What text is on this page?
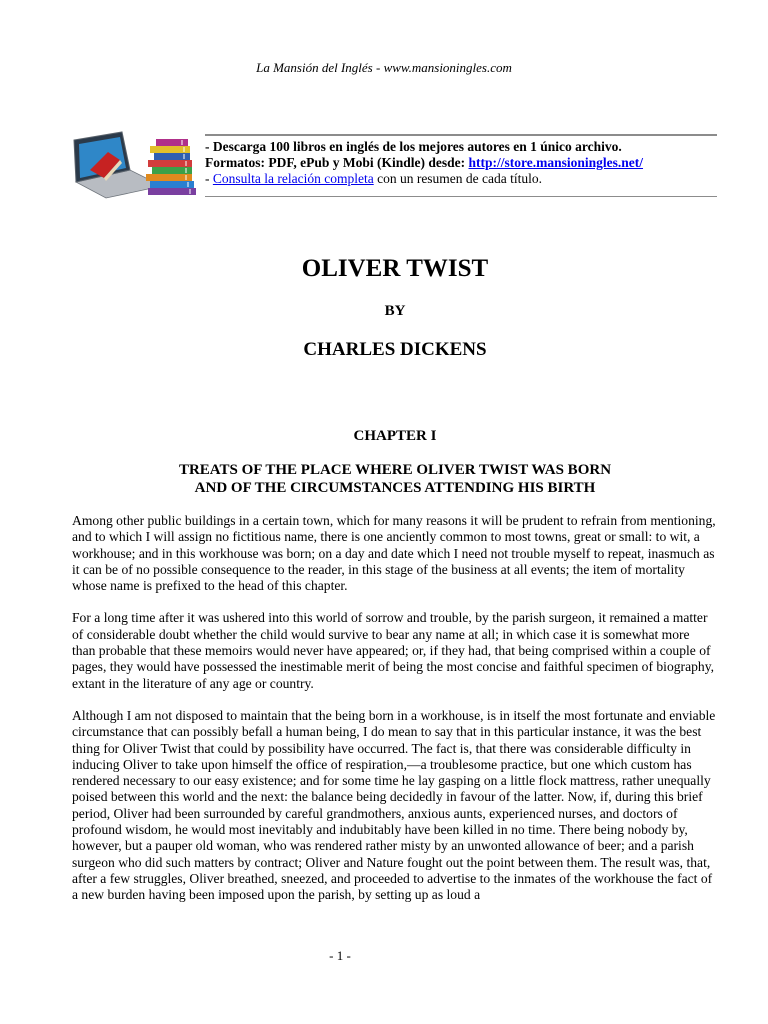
La Mansión del Inglés - www.mansioningles.com
- Descarga 100 libros en inglés de los mejores autores en 1 único archivo.
Formatos: PDF, ePub y Mobi (Kindle) desde: http://store.mansioningles.net/
- Consulta la relación completa con un resumen de cada título.
OLIVER TWIST
BY
CHARLES DICKENS
CHAPTER I
TREATS OF THE PLACE WHERE OLIVER TWIST WAS BORN
AND OF THE CIRCUMSTANCES ATTENDING HIS BIRTH

Among other public buildings in a certain town, which for many reasons it will be prudent to refrain from mentioning, and to which I will assign no fictitious name, there is one anciently common to most towns, great or small: to wit, a workhouse; and in this workhouse was born; on a day and date which I need not trouble myself to repeat, inasmuch as it can be of no possible consequence to the reader, in this stage of the business at all events; the item of mortality whose name is prefixed to the head of this chapter.

For a long time after it was ushered into this world of sorrow and trouble, by the parish surgeon, it remained a matter of considerable doubt whether the child would survive to bear any name at all; in which case it is somewhat more than probable that these memoirs would never have appeared; or, if they had, that being comprised within a couple of pages, they would have possessed the inestimable merit of being the most concise and faithful specimen of biography, extant in the literature of any age or country.

Although I am not disposed to maintain that the being born in a workhouse, is in itself the most fortunate and enviable circumstance that can possibly befall a human being, I do mean to say that in this particular instance, it was the best thing for Oliver Twist that could by possibility have occurred. The fact is, that there was considerable difficulty in inducing Oliver to take upon himself the office of respiration,—a troublesome practice, but one which custom has rendered necessary to our easy existence; and for some time he lay gasping on a little flock mattress, rather unequally poised between this world and the next: the balance being decidedly in favour of the latter. Now, if, during this brief period, Oliver had been surrounded by careful grandmothers, anxious aunts, experienced nurses, and doctors of profound wisdom, he would most inevitably and indubitably have been killed in no time. There being nobody by, however, but a pauper old woman, who was rendered rather misty by an unwonted allowance of beer; and a parish surgeon who did such matters by contract; Oliver and Nature fought out the point between them. The result was, that, after a few struggles, Oliver breathed, sneezed, and proceeded to advertise to the inmates of the workhouse the fact of a new burden having been imposed upon the parish, by setting up as loud a

- 1 -
